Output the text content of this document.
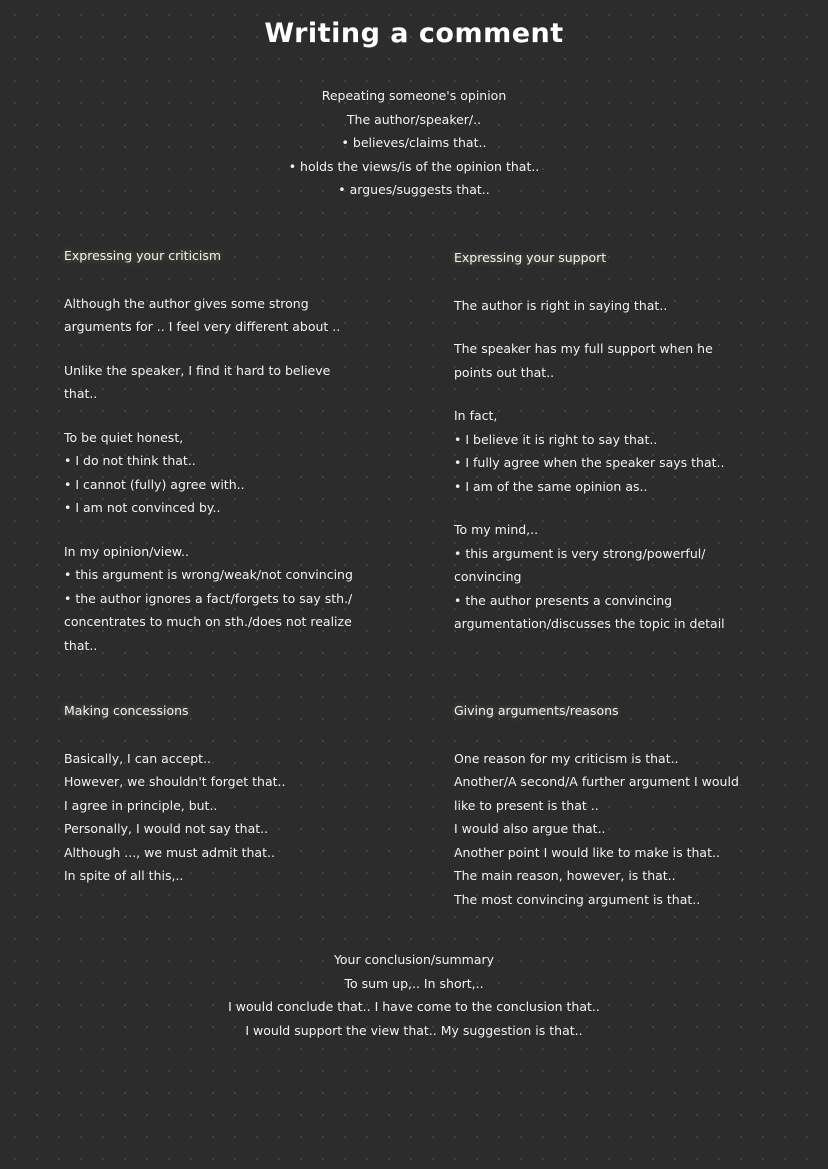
Writing a comment
Repeating someone's opinion
The author/speaker/..
• believes/claims that..
• holds the views/is of the opinion that..
• argues/suggests that..
Expressing your criticism
Although the author gives some strong
arguments for .. I feel very different about ..
Unlike the speaker, I find it hard to believe
that..
To be quiet honest,
• I do not think that..
• I cannot (fully) agree with..
• I am not convinced by..
In my opinion/view..
• this argument is wrong/weak/not convincing
• the author ignores a fact/forgets to say sth./
concentrates to much on sth./does not realize
that..
Expressing your support
The author is right in saying that..
The speaker has my full support when he
points out that..
In fact,
• I believe it is right to say that..
• I fully agree when the speaker says that..
• I am of the same opinion as..
To my mind,..
• this argument is very strong/powerful/
convincing
• the author presents a convincing
argumentation/discusses the topic in detail
Making concessions
Basically, I can accept..
However, we shouldn't forget that..
I agree in principle, but..
Personally, I would not say that..
Although ..., we must admit that..
In spite of all this,..
Giving arguments/reasons
One reason for my criticism is that..
Another/A second/A further argument I would
like to present is that ..
I would also argue that..
Another point I would like to make is that..
The main reason, however, is that..
The most convincing argument is that..
Your conclusion/summary
To sum up,.. In short,..
I would conclude that.. I have come to the conclusion that..
I would support the view that.. My suggestion is that..
